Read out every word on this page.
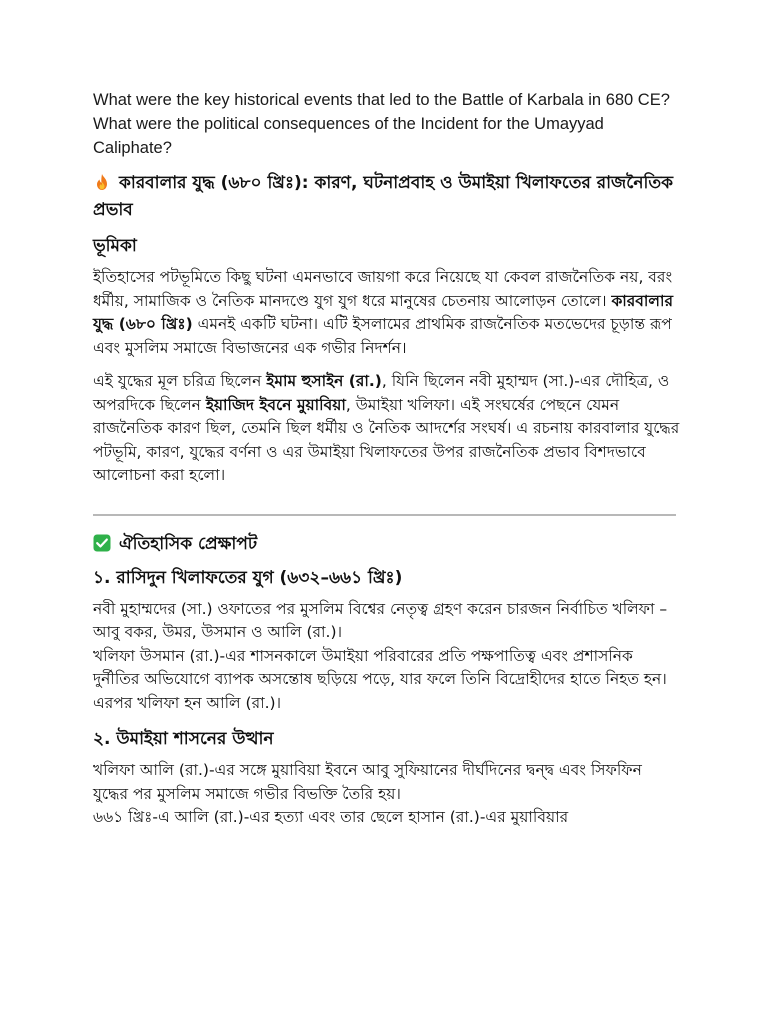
What were the key historical events that led to the Battle of Karbala in 680 CE? What were the political consequences of the Incident for the Umayyad Caliphate?

কারবালার যুদ্ধ (৬৮০ খ্রিঃ): কারণ, ঘটনাপ্রবাহ ও উমাইয়া খিলাফতের রাজনৈতিক প্রভাব
ভূমিকা

ইতিহাসের পটভূমিতে কিছু ঘটনা এমনভাবে জায়গা করে নিয়েছে যা কেবল রাজনৈতিক নয়, বরং ধর্মীয়, সামাজিক ও নৈতিক মানদণ্ডে যুগ যুগ ধরে মানুষের চেতনায় আলোড়ন তোলে। কারবালার যুদ্ধ (৬৮০ খ্রিঃ) এমনই একটি ঘটনা। এটি ইসলামের প্রাথমিক রাজনৈতিক মতভেদের চূড়ান্ত রূপ এবং মুসলিম সমাজে বিভাজনের এক গভীর নিদর্শন।

এই যুদ্ধের মূল চরিত্র ছিলেন ইমাম হুসাইন (রা.), যিনি ছিলেন নবী মুহাম্মদ (সা.)-এর দৌহিত্র, ও অপরদিকে ছিলেন ইয়াজিদ ইবনে মুয়াবিয়া, উমাইয়া খলিফা। এই সংঘর্ষের পেছনে যেমন রাজনৈতিক কারণ ছিল, তেমনি ছিল ধর্মীয় ও নৈতিক আদর্শের সংঘর্ষ। এ রচনায় কারবালার যুদ্ধের পটভূমি, কারণ, যুদ্ধের বর্ণনা ও এর উমাইয়া খিলাফতের উপর রাজনৈতিক প্রভাব বিশদভাবে আলোচনা করা হলো।

ঐতিহাসিক প্রেক্ষাপট
১. রাসিদুন খিলাফতের যুগ (৬৩২–৬৬১ খ্রিঃ)

নবী মুহাম্মদের (সা.) ওফাতের পর মুসলিম বিশ্বের নেতৃত্ব গ্রহণ করেন চারজন নির্বাচিত খলিফা – আবু বকর, উমর, উসমান ও আলি (রা.)।
খলিফা উসমান (রা.)-এর শাসনকালে উমাইয়া পরিবারের প্রতি পক্ষপাতিত্ব এবং প্রশাসনিক দুর্নীতির অভিযোগে ব্যাপক অসন্তোষ ছড়িয়ে পড়ে, যার ফলে তিনি বিদ্রোহীদের হাতে নিহত হন। এরপর খলিফা হন আলি (রা.)।

২. উমাইয়া শাসনের উত্থান

খলিফা আলি (রা.)-এর সঙ্গে মুয়াবিয়া ইবনে আবু সুফিয়ানের দীর্ঘদিনের দ্বন্দ্ব এবং সিফফিন যুদ্ধের পর মুসলিম সমাজে গভীর বিভক্তি তৈরি হয়।
৬৬১ খ্রিঃ-এ আলি (রা.)-এর হত্যা এবং তার ছেলে হাসান (রা.)-এর মুয়াবিয়ার
